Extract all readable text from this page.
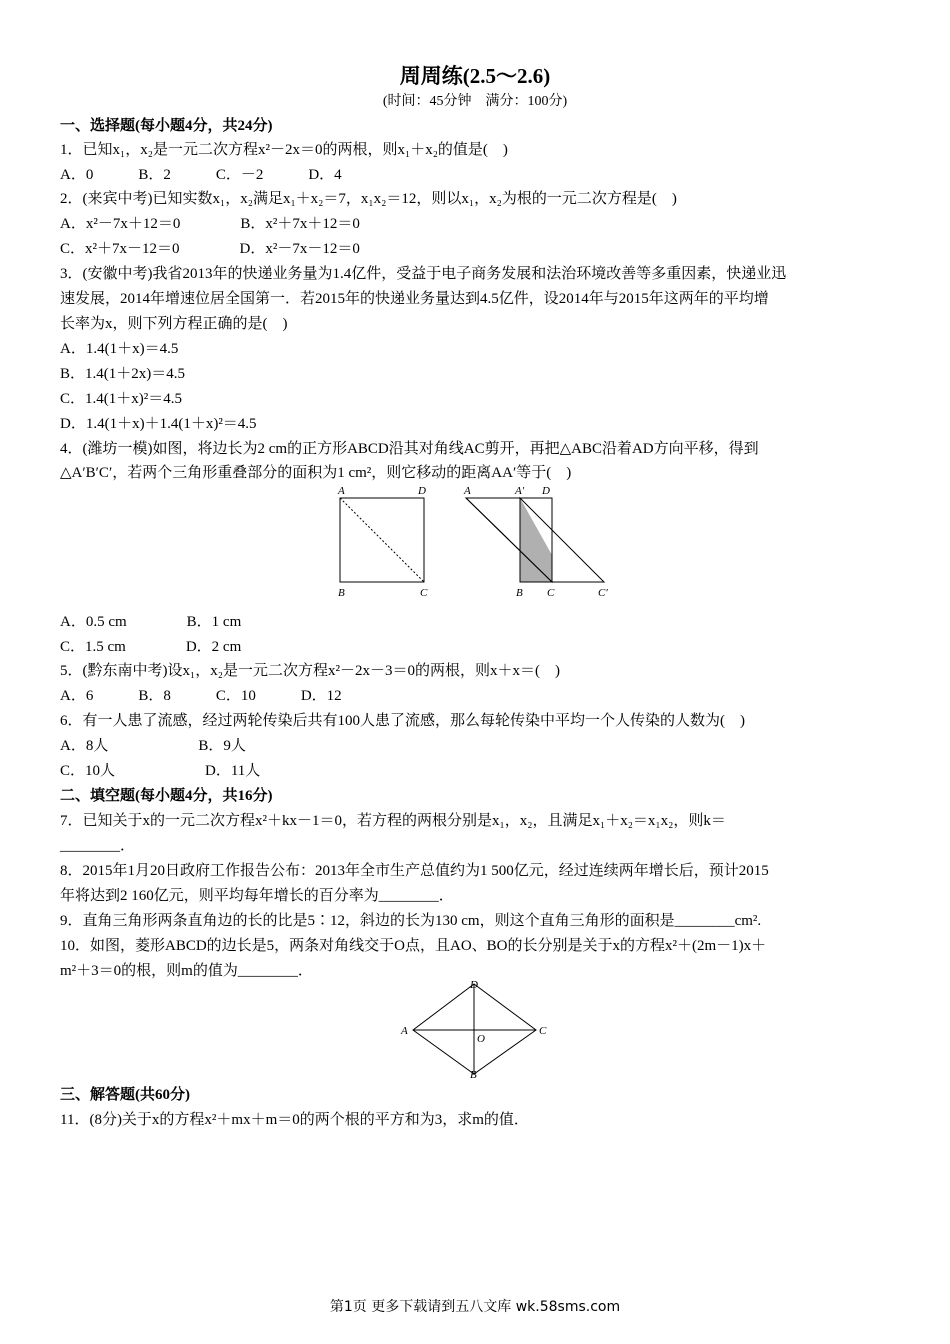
周周练(2.5～2.6)
(时间：45分钟　满分：100分)
一、选择题(每小题4分，共24分)
1．已知x₁，x₂是一元二次方程x²－2x＝0的两根，则x₁＋x₂的值是(　)
A．0　　　B．2　　　C．－2　　　D．4
2．(来宾中考)已知实数x₁，x₂满足x₁＋x₂＝7，x₁x₂＝12，则以x₁，x₂为根的一元二次方程是(　)
A．x²－7x＋12＝0　　　　B．x²＋7x＋12＝0
C．x²＋7x－12＝0　　　　D．x²－7x－12＝0
3．(安徽中考)我省2013年的快递业务量为1.4亿件，受益于电子商务发展和法治环境改善等多重因素，快递业迅
速发展，2014年增速位居全国第一．若2015年的快递业务量达到4.5亿件，设2014年与2015年这两年的平均增
长率为x，则下列方程正确的是(　)
A．1.4(1＋x)＝4.5
B．1.4(1＋2x)＝4.5
C．1.4(1＋x)²＝4.5
D．1.4(1＋x)＋1.4(1＋x)²＝4.5
4．(潍坊一模)如图，将边长为2 cm的正方形ABCD沿其对角线AC剪开，再把△ABC沿着AD方向平移，得到
△A′B′C′，若两个三角形重叠部分的面积为1 cm²，则它移动的距离AA′等于(　)
A	D
B	C
A	A′ D
B C	C′
A．0.5 cm　　　　B．1 cm
C．1.5 cm　　　　D．2 cm
5．(黔东南中考)设x₁，x₂是一元二次方程x²－2x－3＝0的两根，则x＋x＝(　)
A．6　　　B．8　　　C．10　　　D．12
6．有一人患了流感，经过两轮传染后共有100人患了流感，那么每轮传染中平均一个人传染的人数为(　)
A．8人　　　　　　B．9人
C．10人　　　　　　D．11人
二、填空题(每小题4分，共16分)
7．已知关于x的一元二次方程x²＋kx－1＝0，若方程的两根分别是x₁，x₂，且满足x₁＋x₂＝x₁x₂，则k＝
________．
8．2015年1月20日政府工作报告公布：2013年全市生产总值约为1 500亿元，经过连续两年增长后，预计2015
年将达到2 160亿元，则平均每年增长的百分率为________．
9．直角三角形两条直角边的长的比是5∶12，斜边的长为130 cm，则这个直角三角形的面积是________cm².
10．如图，菱形ABCD的边长是5，两条对角线交于O点，且AO、BO的长分别是关于x的方程x²＋(2m－1)x＋
m²＋3＝0的根，则m的值为________．
A	C
D
B
O
三、解答题(共60分)
11．(8分)关于x的方程x²＋mx＋m＝0的两个根的平方和为3，求m的值．
第1页 更多下载请到五八文库 wk.58sms.com
